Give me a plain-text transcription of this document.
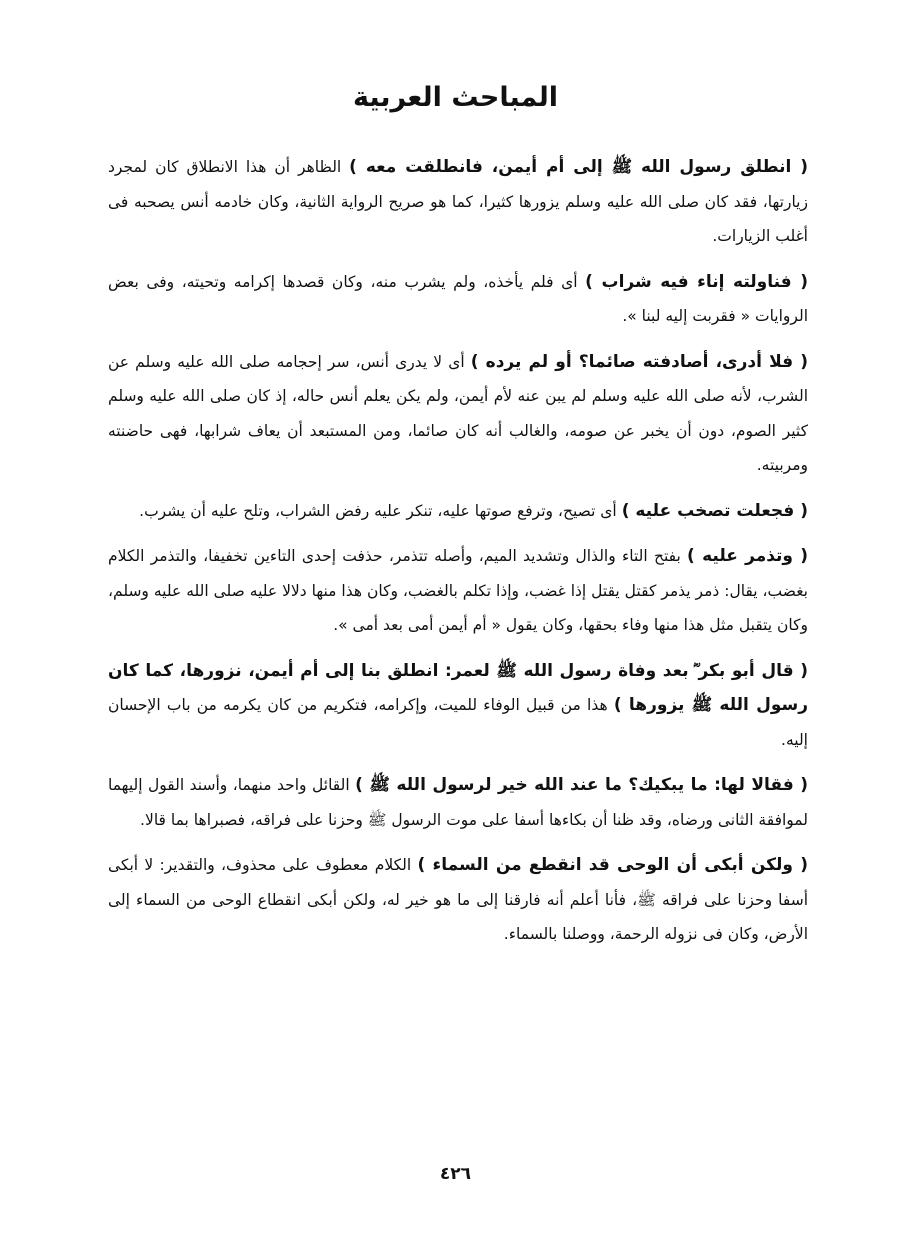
المباحث العربية

( انطلق رسول الله ﷺ إلى أم أيمن، فانطلقت معه ) الظاهر أن هذا الانطلاق كان لمجرد زيارتها، فقد كان صلى الله عليه وسلم يزورها كثيرا، كما هو صريح الرواية الثانية، وكان خادمه أنس يصحبه فى أغلب الزيارات.

( فناولته إناء فيه شراب ) أى فلم يأخذه، ولم يشرب منه، وكان قصدها إكرامه وتحيته، وفى بعض الروايات « فقربت إليه لبنا ».

( فلا أدرى، أصادفته صائما؟ أو لم يرده ) أى لا يدرى أنس، سر إحجامه صلى الله عليه وسلم عن الشرب، لأنه صلى الله عليه وسلم لم يبن عنه لأم أيمن، ولم يكن يعلم أنس حاله، إذ كان صلى الله عليه وسلم كثير الصوم، دون أن يخبر عن صومه، والغالب أنه كان صائما، ومن المستبعد أن يعاف شرابها، فهى حاضنته ومربيته.

( فجعلت تصخب عليه ) أى تصيح، وترفع صوتها عليه، تنكر عليه رفض الشراب، وتلح عليه أن يشرب.

( وتذمر عليه ) بفتح التاء والذال وتشديد الميم، وأصله تتذمر، حذفت إحدى التاءين تخفيفا، والتذمر الكلام بغضب، يقال: ذمر يذمر كقتل يقتل إذا غضب، وإذا تكلم بالغضب، وكان هذا منها دلالا عليه صلى الله عليه وسلم، وكان يتقبل مثل هذا منها وفاء بحقها، وكان يقول « أم أيمن أمى بعد أمى ».

( قال أبو بكر ؓ بعد وفاة رسول الله ﷺ لعمر: انطلق بنا إلى أم أيمن، نزورها، كما كان رسول الله ﷺ يزورها ) هذا من قبيل الوفاء للميت، وإكرامه، فتكريم من كان يكرمه من باب الإحسان إليه.

( فقالا لها: ما يبكيك؟ ما عند الله خير لرسول الله ﷺ ) القائل واحد منهما، وأسند القول إليهما لموافقة الثانى ورضاه، وقد ظنا أن بكاءها أسفا على موت الرسول ﷺ وحزنا على فراقه، فصبراها بما قالا.

( ولكن أبكى أن الوحى قد انقطع من السماء ) الكلام معطوف على محذوف، والتقدير: لا أبكى أسفا وحزنا على فراقه ﷺ، فأنا أعلم أنه فارقنا إلى ما هو خير له، ولكن أبكى انقطاع الوحى من السماء إلى الأرض، وكان فى نزوله الرحمة، ووصلنا بالسماء.

٤٢٦
